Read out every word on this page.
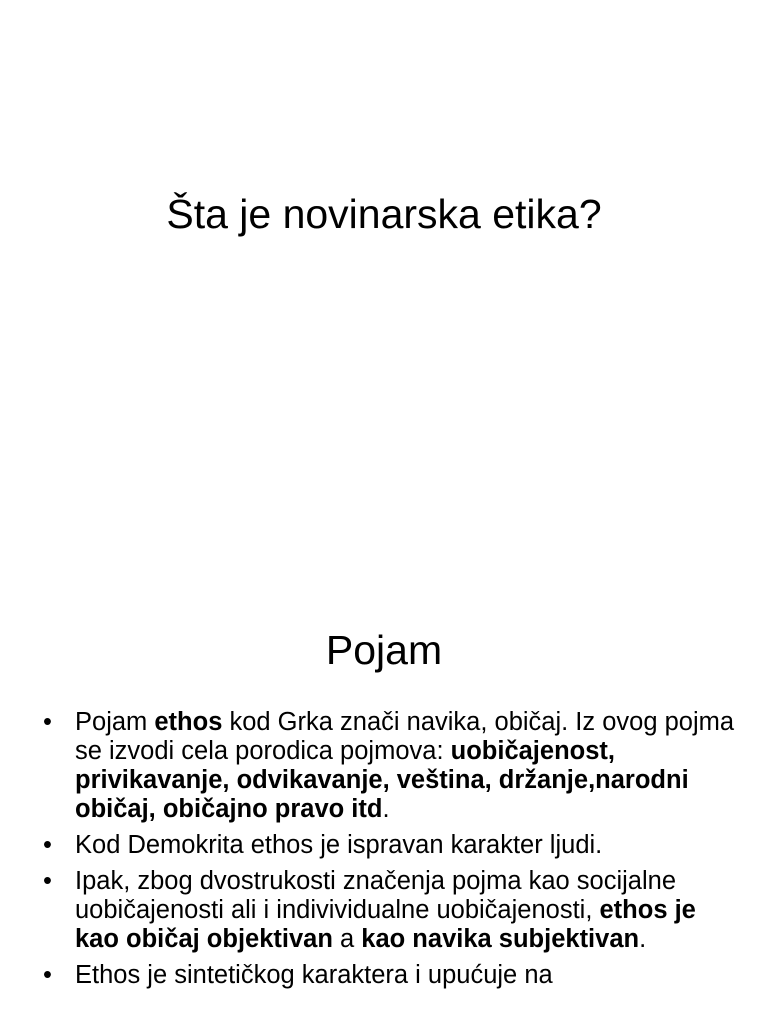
Šta je novinarska etika?
Pojam
• Pojam ethos kod Grka znači navika, običaj. Iz ovog pojma se izvodi cela porodica pojmova: uobičajenost, privikavanje, odvikavanje, veština, držanje,narodni običaj, običajno pravo itd.
• Kod Demokrita ethos je ispravan karakter ljudi.
• Ipak, zbog dvostrukosti značenja pojma kao socijalne uobičajenosti ali i indivividualne uobičajenosti, ethos je kao običaj objektivan a kao navika subjektivan.
• Ethos je sintetičkog karaktera i upućuje na
